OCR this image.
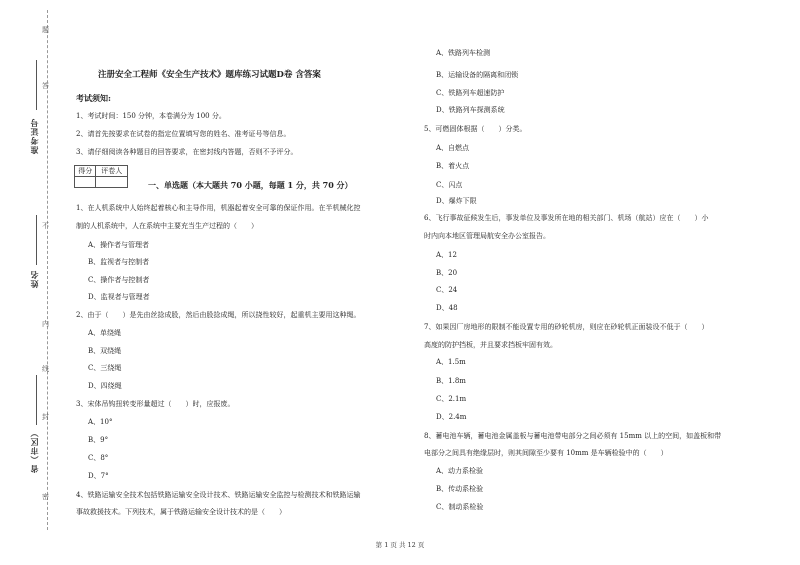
题
答
不
内
线
封
密
准考证号
姓名
省（市区）
注册安全工程师《安全生产技术》题库练习试题D卷 含答案
考试须知:
1、考试时间：150 分钟，本卷满分为 100 分。
2、请首先按要求在试卷的指定位置填写您的姓名、准考证号等信息。
3、请仔细阅读各种题目的回答要求，在密封线内答题，否则不予评分。
得分	评卷人

一、单选题（本大题共 70 小题，每题 1 分，共 70 分）
1、在人机系统中人始终起着核心和主导作用，机器起着安全可靠的保证作用。在半机械化控
制的人机系统中，人在系统中主要充当生产过程的（　　）
A、操作者与管理者
B、监视者与控制者
C、操作者与控制者
D、监视者与管理者
2、由于（　　）是先由丝捻成股，然后由股捻成绳，所以挠性较好，起重机主要用这种绳。
A、单绕绳
B、双绕绳
C、三绕绳
D、四绕绳
3、宋体吊钩扭转变形量超过（　　）时，应报废。
A、10°
B、9°
C、8°
D、7°
4、铁路运输安全技术包括铁路运输安全设计技术、铁路运输安全监控与检测技术和铁路运输
事故救援技术。下列技术，属于铁路运输安全设计技术的是（　　）
A、铁路列车检测
B、运输设备的隔离和闭锁
C、铁路列车超速防护
D、铁路列车探测系统
5、可燃固体根据（　　）分类。
A、自燃点
B、着火点
C、闪点
D、爆炸下限
6、飞行事故征候发生后，事发单位及事发所在地的相关部门、机场（航站）应在（　　）小
时内向本地区管理局航安全办公室报告。
A、12
B、20
C、24
D、48
7、如果因厂房地形的限制不能设置专用的砂轮机房，则应在砂轮机正面装设不低于（　　）
高度的防护挡板，并且要求挡板牢固有效。
A、1.5m
B、1.8m
C、2.1m
D、2.4m
8、蓄电池车辆，蓄电池金属盖板与蓄电池带电部分之间必须有 15mm 以上的空间，如盖板和带
电部分之间具有绝缘层时，则其间隙至少要有 10mm 是车辆检验中的（　　）
A、动力系检验
B、传动系检验
C、制动系检验
第 1 页 共 12 页
